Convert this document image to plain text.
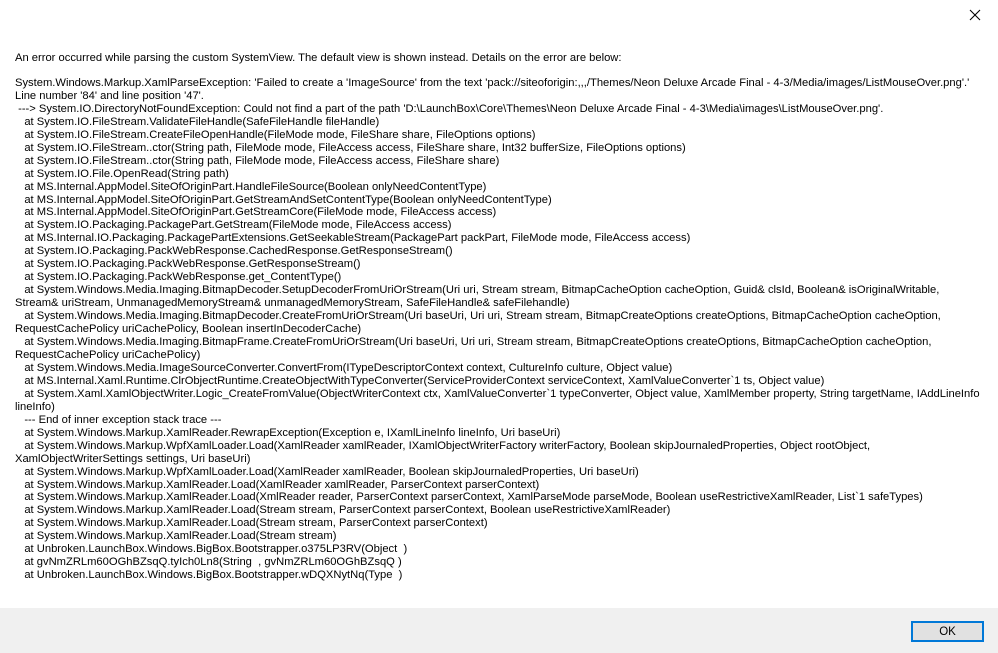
An error occurred while parsing the custom SystemView. The default view is shown instead. Details on the error are below:

System.Windows.Markup.XamlParseException: 'Failed to create a 'ImageSource' from the text 'pack://siteoforigin:,,,/Themes/Neon Deluxe Arcade Final - 4-3/Media/images/ListMouseOver.png'.' Line number '84' and line position '47'.
---> System.IO.DirectoryNotFoundException: Could not find a part of the path 'D:\LaunchBox\Core\Themes\Neon Deluxe Arcade Final - 4-3\Media\images\ListMouseOver.png'.
at System.IO.FileStream.ValidateFileHandle(SafeFileHandle fileHandle)
at System.IO.FileStream.CreateFileOpenHandle(FileMode mode, FileShare share, FileOptions options)
at System.IO.FileStream..ctor(String path, FileMode mode, FileAccess access, FileShare share, Int32 bufferSize, FileOptions options)
at System.IO.FileStream..ctor(String path, FileMode mode, FileAccess access, FileShare share)
at System.IO.File.OpenRead(String path)
at MS.Internal.AppModel.SiteOfOriginPart.HandleFileSource(Boolean onlyNeedContentType)
at MS.Internal.AppModel.SiteOfOriginPart.GetStreamAndSetContentType(Boolean onlyNeedContentType)
at MS.Internal.AppModel.SiteOfOriginPart.GetStreamCore(FileMode mode, FileAccess access)
at System.IO.Packaging.PackagePart.GetStream(FileMode mode, FileAccess access)
at MS.Internal.IO.Packaging.PackagePartExtensions.GetSeekableStream(PackagePart packPart, FileMode mode, FileAccess access)
at System.IO.Packaging.PackWebResponse.CachedResponse.GetResponseStream()
at System.IO.Packaging.PackWebResponse.GetResponseStream()
at System.IO.Packaging.PackWebResponse.get_ContentType()
at System.Windows.Media.Imaging.BitmapDecoder.SetupDecoderFromUriOrStream(Uri uri, Stream stream, BitmapCacheOption cacheOption, Guid& clsId, Boolean& isOriginalWritable, Stream& uriStream, UnmanagedMemoryStream& unmanagedMemoryStream, SafeFileHandle& safeFilehandle)
at System.Windows.Media.Imaging.BitmapDecoder.CreateFromUriOrStream(Uri baseUri, Uri uri, Stream stream, BitmapCreateOptions createOptions, BitmapCacheOption cacheOption, RequestCachePolicy uriCachePolicy, Boolean insertInDecoderCache)
at System.Windows.Media.Imaging.BitmapFrame.CreateFromUriOrStream(Uri baseUri, Uri uri, Stream stream, BitmapCreateOptions createOptions, BitmapCacheOption cacheOption, RequestCachePolicy uriCachePolicy)
at System.Windows.Media.ImageSourceConverter.ConvertFrom(ITypeDescriptorContext context, CultureInfo culture, Object value)
at MS.Internal.Xaml.Runtime.ClrObjectRuntime.CreateObjectWithTypeConverter(ServiceProviderContext serviceContext, XamlValueConverter`1 ts, Object value)
at System.Xaml.XamlObjectWriter.Logic_CreateFromValue(ObjectWriterContext ctx, XamlValueConverter`1 typeConverter, Object value, XamlMember property, String targetName, IAddLineInfo lineInfo)
--- End of inner exception stack trace ---
at System.Windows.Markup.XamlReader.RewrapException(Exception e, IXamlLineInfo lineInfo, Uri baseUri)
at System.Windows.Markup.WpfXamlLoader.Load(XamlReader xamlReader, IXamlObjectWriterFactory writerFactory, Boolean skipJournaledProperties, Object rootObject, XamlObjectWriterSettings settings, Uri baseUri)
at System.Windows.Markup.WpfXamlLoader.Load(XamlReader xamlReader, Boolean skipJournaledProperties, Uri baseUri)
at System.Windows.Markup.XamlReader.Load(XamlReader xamlReader, ParserContext parserContext)
at System.Windows.Markup.XamlReader.Load(XmlReader reader, ParserContext parserContext, XamlParseMode parseMode, Boolean useRestrictiveXamlReader, List`1 safeTypes)
at System.Windows.Markup.XamlReader.Load(Stream stream, ParserContext parserContext, Boolean useRestrictiveXamlReader)
at System.Windows.Markup.XamlReader.Load(Stream stream, ParserContext parserContext)
at System.Windows.Markup.XamlReader.Load(Stream stream)
at Unbroken.LaunchBox.Windows.BigBox.Bootstrapper.o375LP3RV(Object  )
at gvNmZRLm60OGhBZsqQ.tyIch0Ln8(String  , gvNmZRLm60OGhBZsqQ )
at Unbroken.LaunchBox.Windows.BigBox.Bootstrapper.wDQXNytNq(Type  )
OK
